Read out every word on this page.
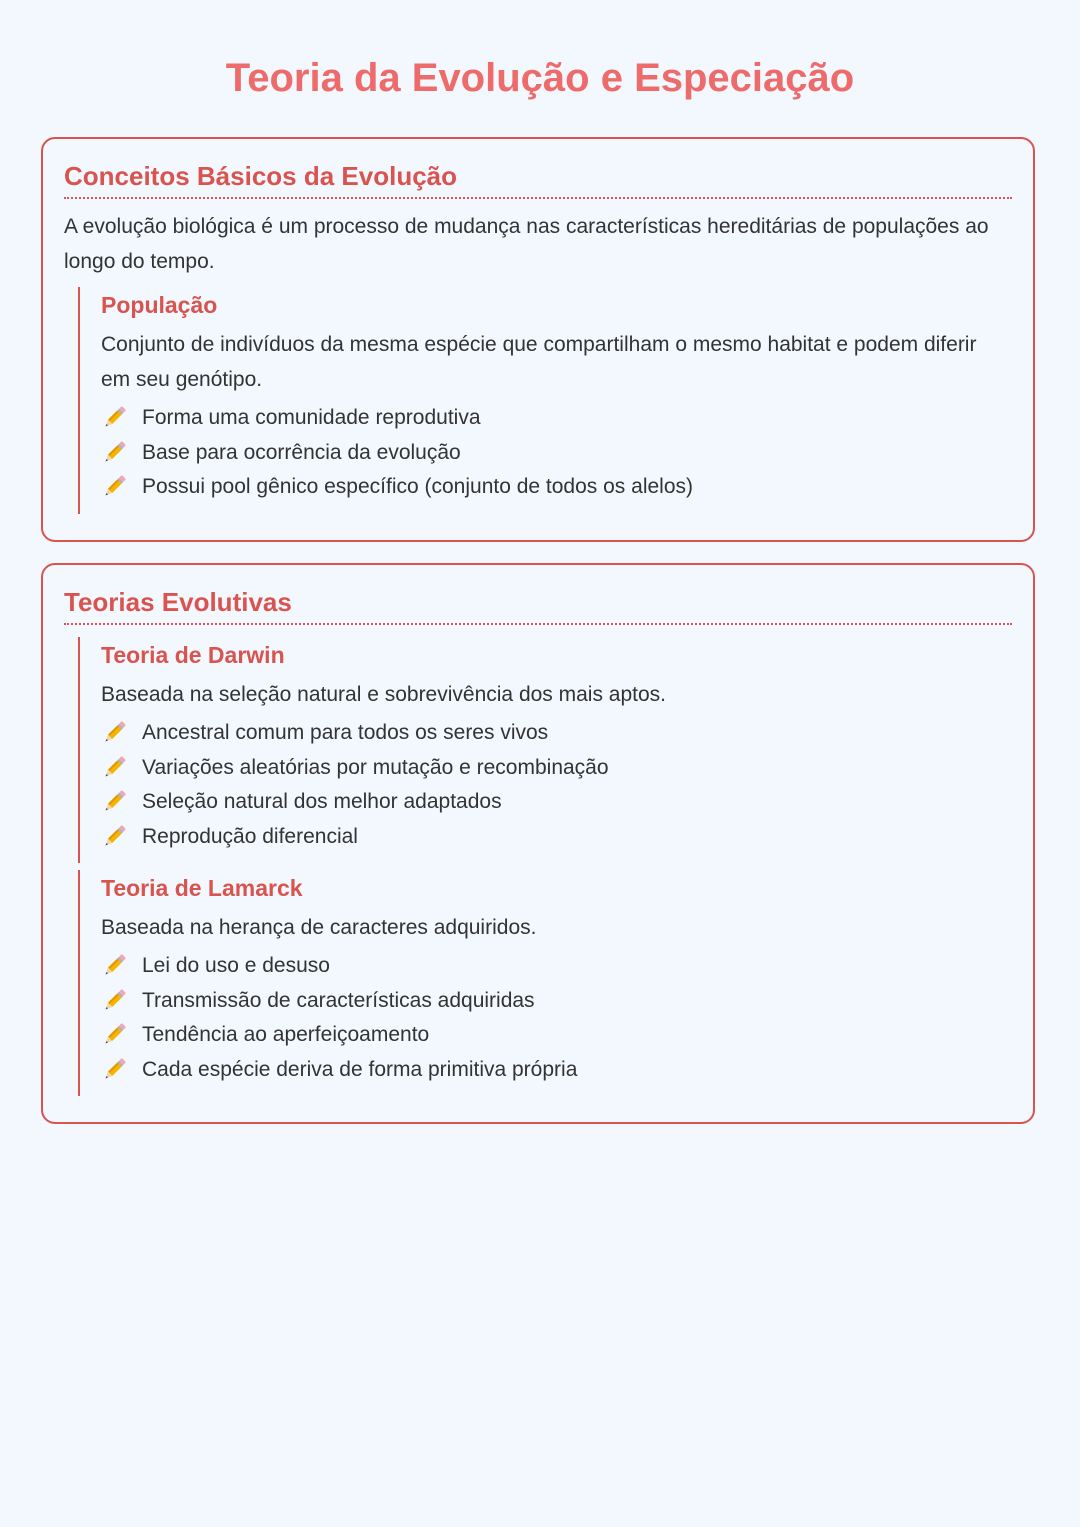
Teoria da Evolução e Especiação
Conceitos Básicos da Evolução

A evolução biológica é um processo de mudança nas características hereditárias de populações ao longo do tempo.

População

Conjunto de indivíduos da mesma espécie que compartilham o mesmo habitat e podem diferir em seu genótipo.

Forma uma comunidade reprodutiva
Base para ocorrência da evolução
Possui pool gênico específico (conjunto de todos os alelos)
Teorias Evolutivas
Teoria de Darwin

Baseada na seleção natural e sobrevivência dos mais aptos.

Ancestral comum para todos os seres vivos
Variações aleatórias por mutação e recombinação
Seleção natural dos melhor adaptados
Reprodução diferencial
Teoria de Lamarck

Baseada na herança de caracteres adquiridos.

Lei do uso e desuso
Transmissão de características adquiridas
Tendência ao aperfeiçoamento
Cada espécie deriva de forma primitiva própria
